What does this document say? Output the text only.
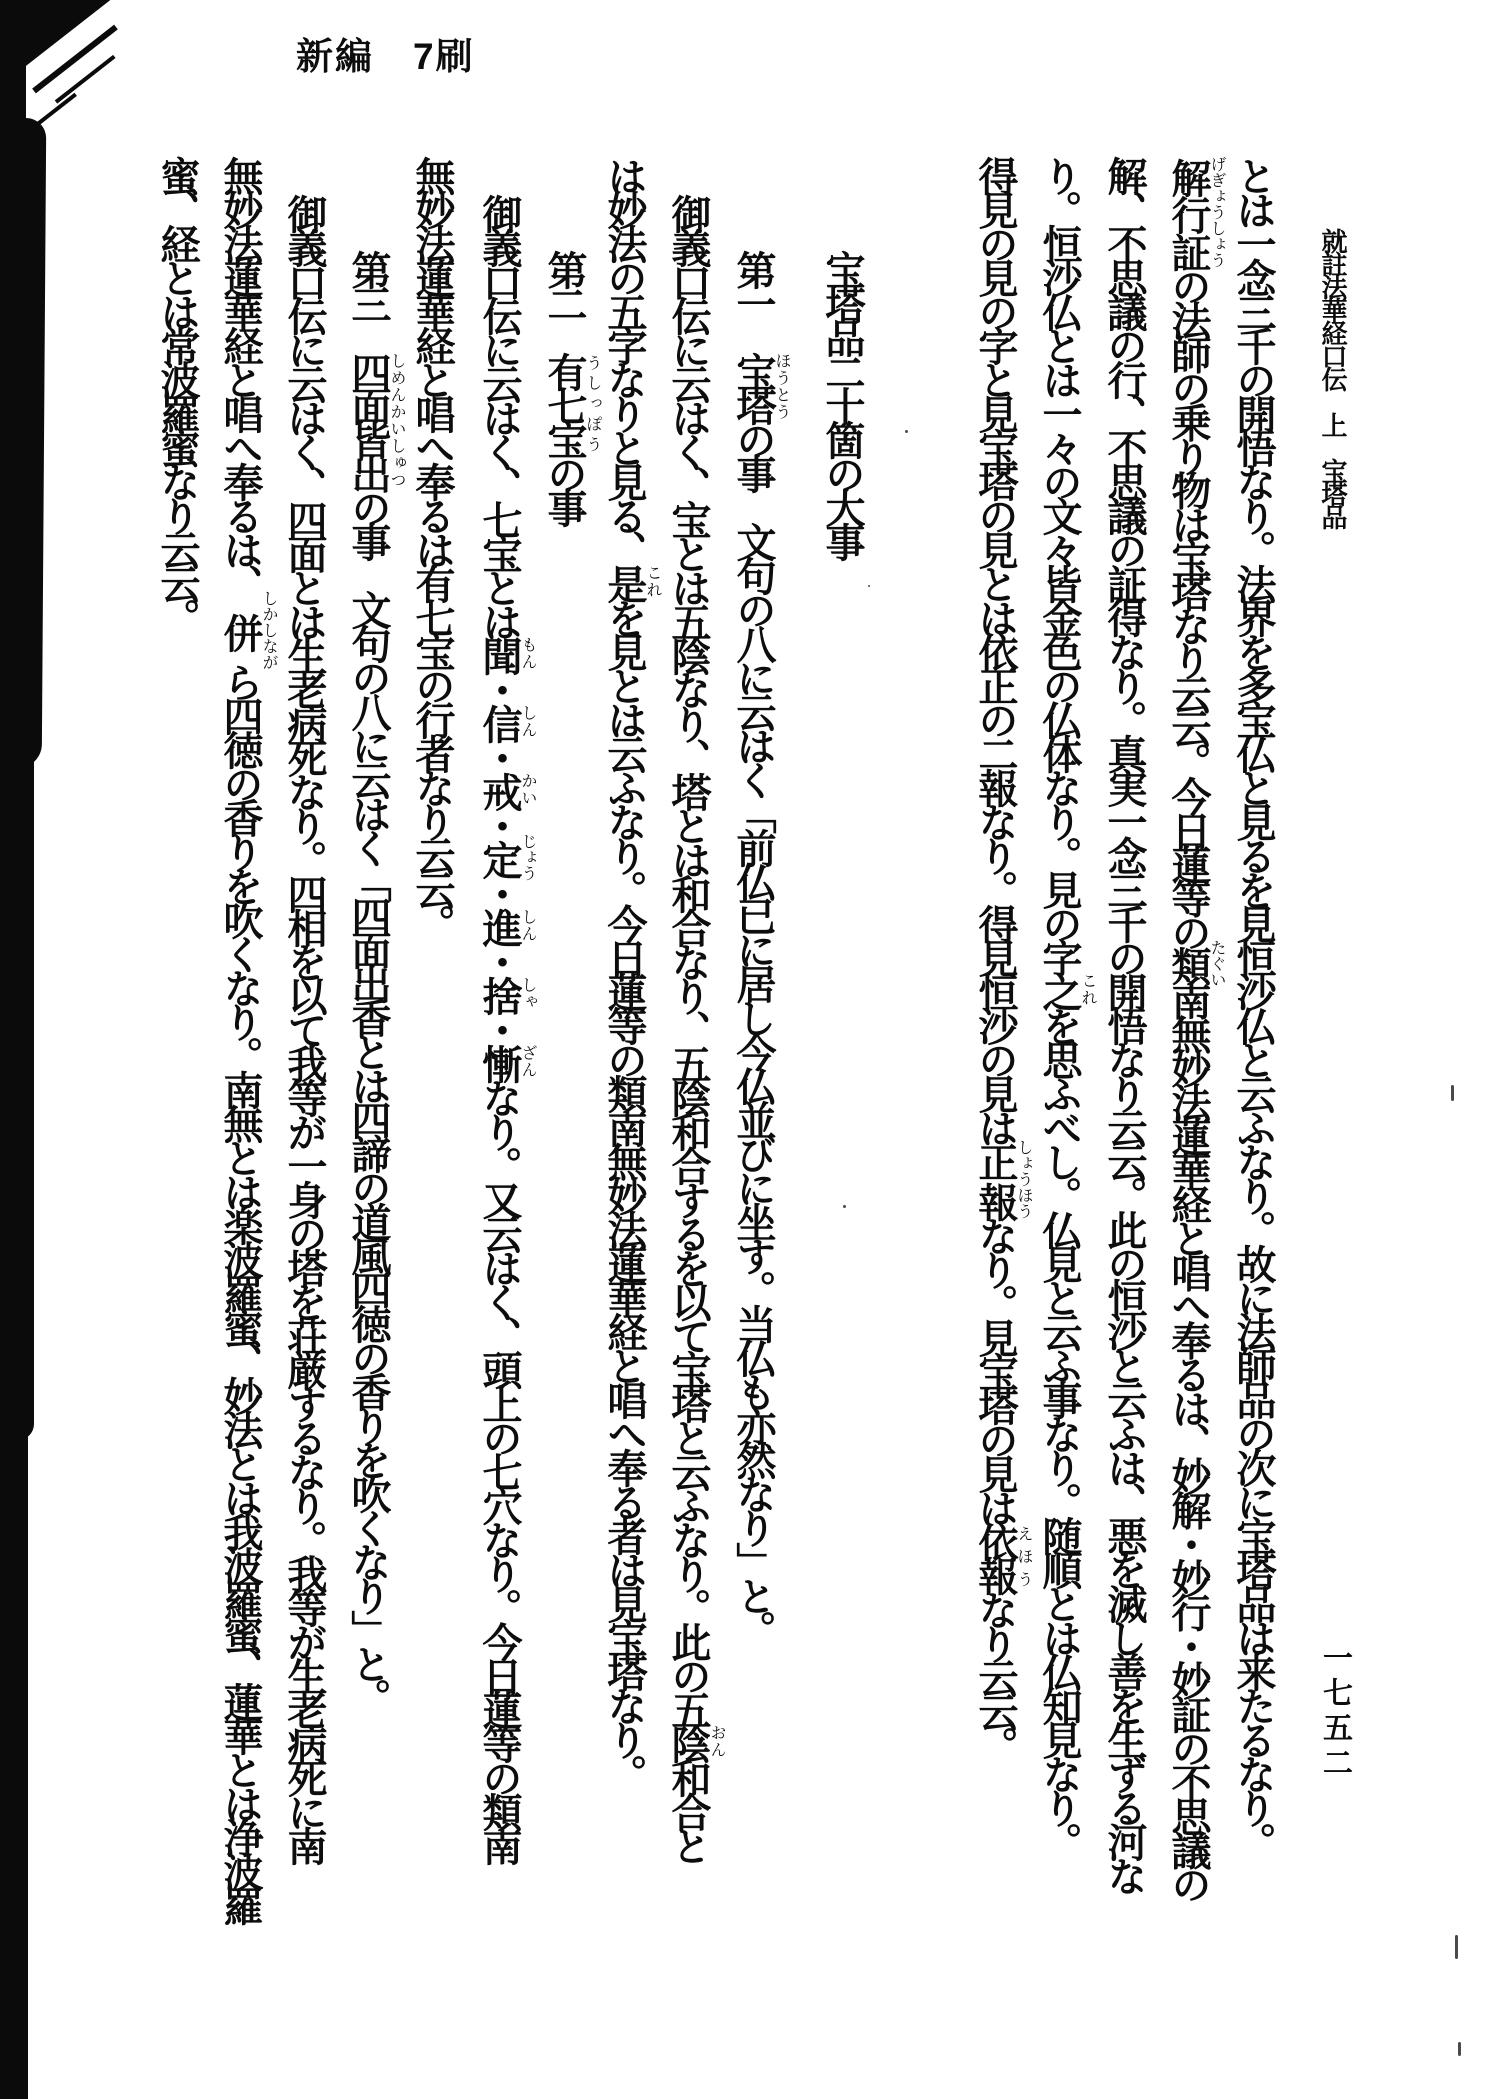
新編　7刷
就註法華経口伝　上　宝塔品
一七五二
とは一念三千の開悟なり。法界を多宝仏と見るを見恒沙仏と云ふなり。故に法師品の次に宝塔品は来たるなり。
解行証げぎょうしょうの法師の乗り物は宝塔なり云云。今日蓮等の類たぐい南無妙法蓮華経と唱へ奉るは、妙解・妙行・妙証の不思議の
解、不思議の行、不思議の証得なり。真実一念三千の開悟なり云云。此の恒沙と云ふは、悪を滅し善を生ずる河な
り。恒沙仏とは一々の文々皆金色の仏体なり。見の字之これを思ふべし。仏見と云ふ事なり。随順とは仏知見なり。
得見の見の字と見宝塔の見とは依正の二報なり。得見恒沙の見は正報しょうほうなり。見宝塔の見は依報えほうなり云云。
宝塔品二十箇の大事
第一　宝塔ほうとうの事　文句の八に云はく「前仏已に居し今仏並びに坐す。当仏も亦然なり」と。
御義口伝に云はく、宝とは五陰なり、塔とは和合なり、五陰和合するを以て宝塔と云ふなり。此の五陰おん和合と
は妙法の五字なりと見る、是これを見とは云ふなり。今日蓮等の類南無妙法蓮華経と唱へ奉る者は見宝塔なり。
第二　有七宝うしっぽうの事
御義口伝に云はく、七宝とは聞もん・信しん・戒かい・定じょう・進しん・捨しゃ・慚ざんなり。又云はく、頭上の七穴なり。今日蓮等の類南
無妙法蓮華経と唱へ奉るは有七宝の行者なり云云。
第三　四面皆出しめんかいしゅつの事　文句の八に云はく「四面出香とは四諦の道風四徳の香りを吹くなり」と。
御義口伝に云はく、四面とは生老病死なり。四相を以て我等が一身の塔を荘厳するなり。我等が生老病死に南
無妙法蓮華経と唱へ奉るは、併しかしながら四徳の香りを吹くなり。南無とは楽波羅蜜、妙法とは我波羅蜜、蓮華とは浄波羅
蜜、経とは常波羅蜜なり云云。
